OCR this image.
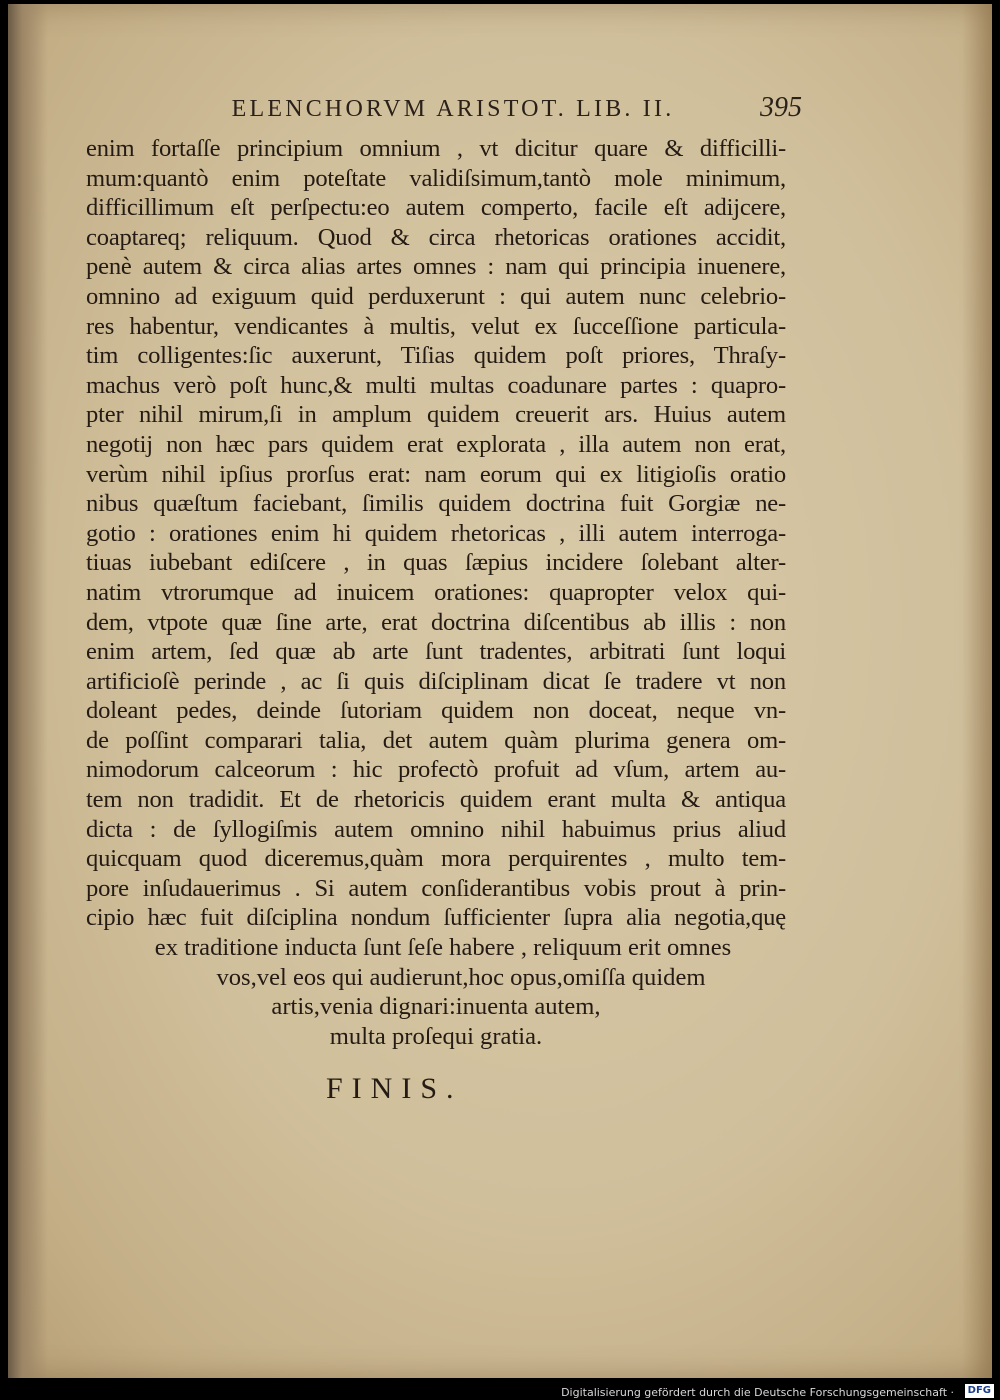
ELENCHORVM ARISTOT. LIB. II.	395
enim fortaſſe principium omnium , vt dicitur quare & difficilli-
mum:quantò enim poteſtate validiſsimum,tantò mole minimum,
difficillimum eſt perſpectu:eo autem comperto, facile eſt adijcere,
coaptareq; reliquum. Quod & circa rhetoricas orationes accidit,
penè autem & circa alias artes omnes : nam qui principia inuenere,
omnino ad exiguum quid perduxerunt : qui autem nunc celebrio-
res habentur, vendicantes à multis, velut ex ſucceſſione particula-
tim colligentes:ſic auxerunt, Tiſias quidem poſt priores, Thraſy-
machus verò poſt hunc,& multi multas coadunare partes : quapro-
pter nihil mirum,ſi in amplum quidem creuerit ars. Huius autem
negotij non hæc pars quidem erat explorata , illa autem non erat,
verùm nihil ipſius prorſus erat: nam eorum qui ex litigioſis oratio
nibus quæſtum faciebant, ſimilis quidem doctrina fuit Gorgiæ ne-
gotio : orationes enim hi quidem rhetoricas , illi autem interroga-
tiuas iubebant ediſcere , in quas ſæpius incidere ſolebant alter-
natim vtrorumque ad inuicem orationes: quapropter velox qui-
dem, vtpote quæ ſine arte, erat doctrina diſcentibus ab illis : non
enim artem, ſed quæ ab arte ſunt tradentes, arbitrati ſunt loqui
artificioſè perinde , ac ſi quis diſciplinam dicat ſe tradere vt non
doleant pedes, deinde ſutoriam quidem non doceat, neque vn-
de poſſint comparari talia, det autem quàm plurima genera om-
nimodorum calceorum : hic profectò profuit ad vſum, artem au-
tem non tradidit. Et de rhetoricis quidem erant multa & antiqua
dicta : de ſyllogiſmis autem omnino nihil habuimus prius aliud
quicquam quod diceremus,quàm mora perquirentes , multo tem-
pore inſudauerimus . Si autem conſiderantibus vobis prout à prin-
cipio hæc fuit diſciplina nondum ſufficienter ſupra alia negotia,quę
ex traditione inducta ſunt ſeſe habere , reliquum erit omnes
vos,vel eos qui audierunt,hoc opus,omiſſa quidem
artis,venia dignari:inuenta autem,
multa proſequi gratia.
FINIS.
Digitalisierung gefördert durch die Deutsche Forschungsgemeinschaft ·	DFG
